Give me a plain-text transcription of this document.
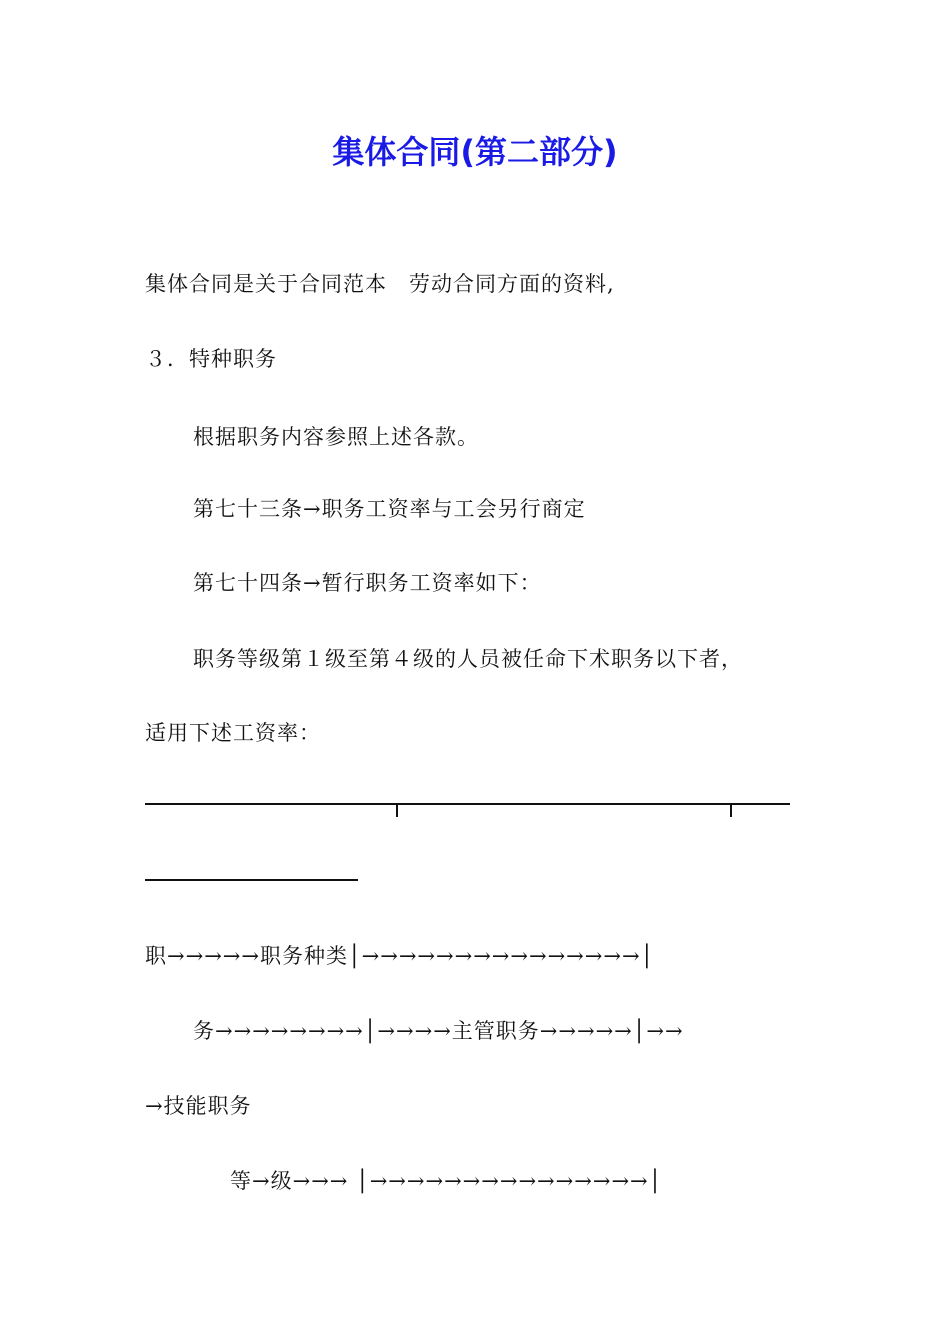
集体合同(第二部分)
集体合同是关于合同范本　劳动合同方面的资料,
３．特种职务
根据职务内容参照上述各款。
第七十三条→职务工资率与工会另行商定
第七十四条→暂行职务工资率如下：
职务等级第１级至第４级的人员被任命下术职务以下者，
适用下述工资率：
职→→→→→职务种类│→→→→→→→→→→→→→→→│
务→→→→→→→→│→→→→主管职务→→→→→│→→
→技能职务
等→级→→→ │→→→→→→→→→→→→→→→│
